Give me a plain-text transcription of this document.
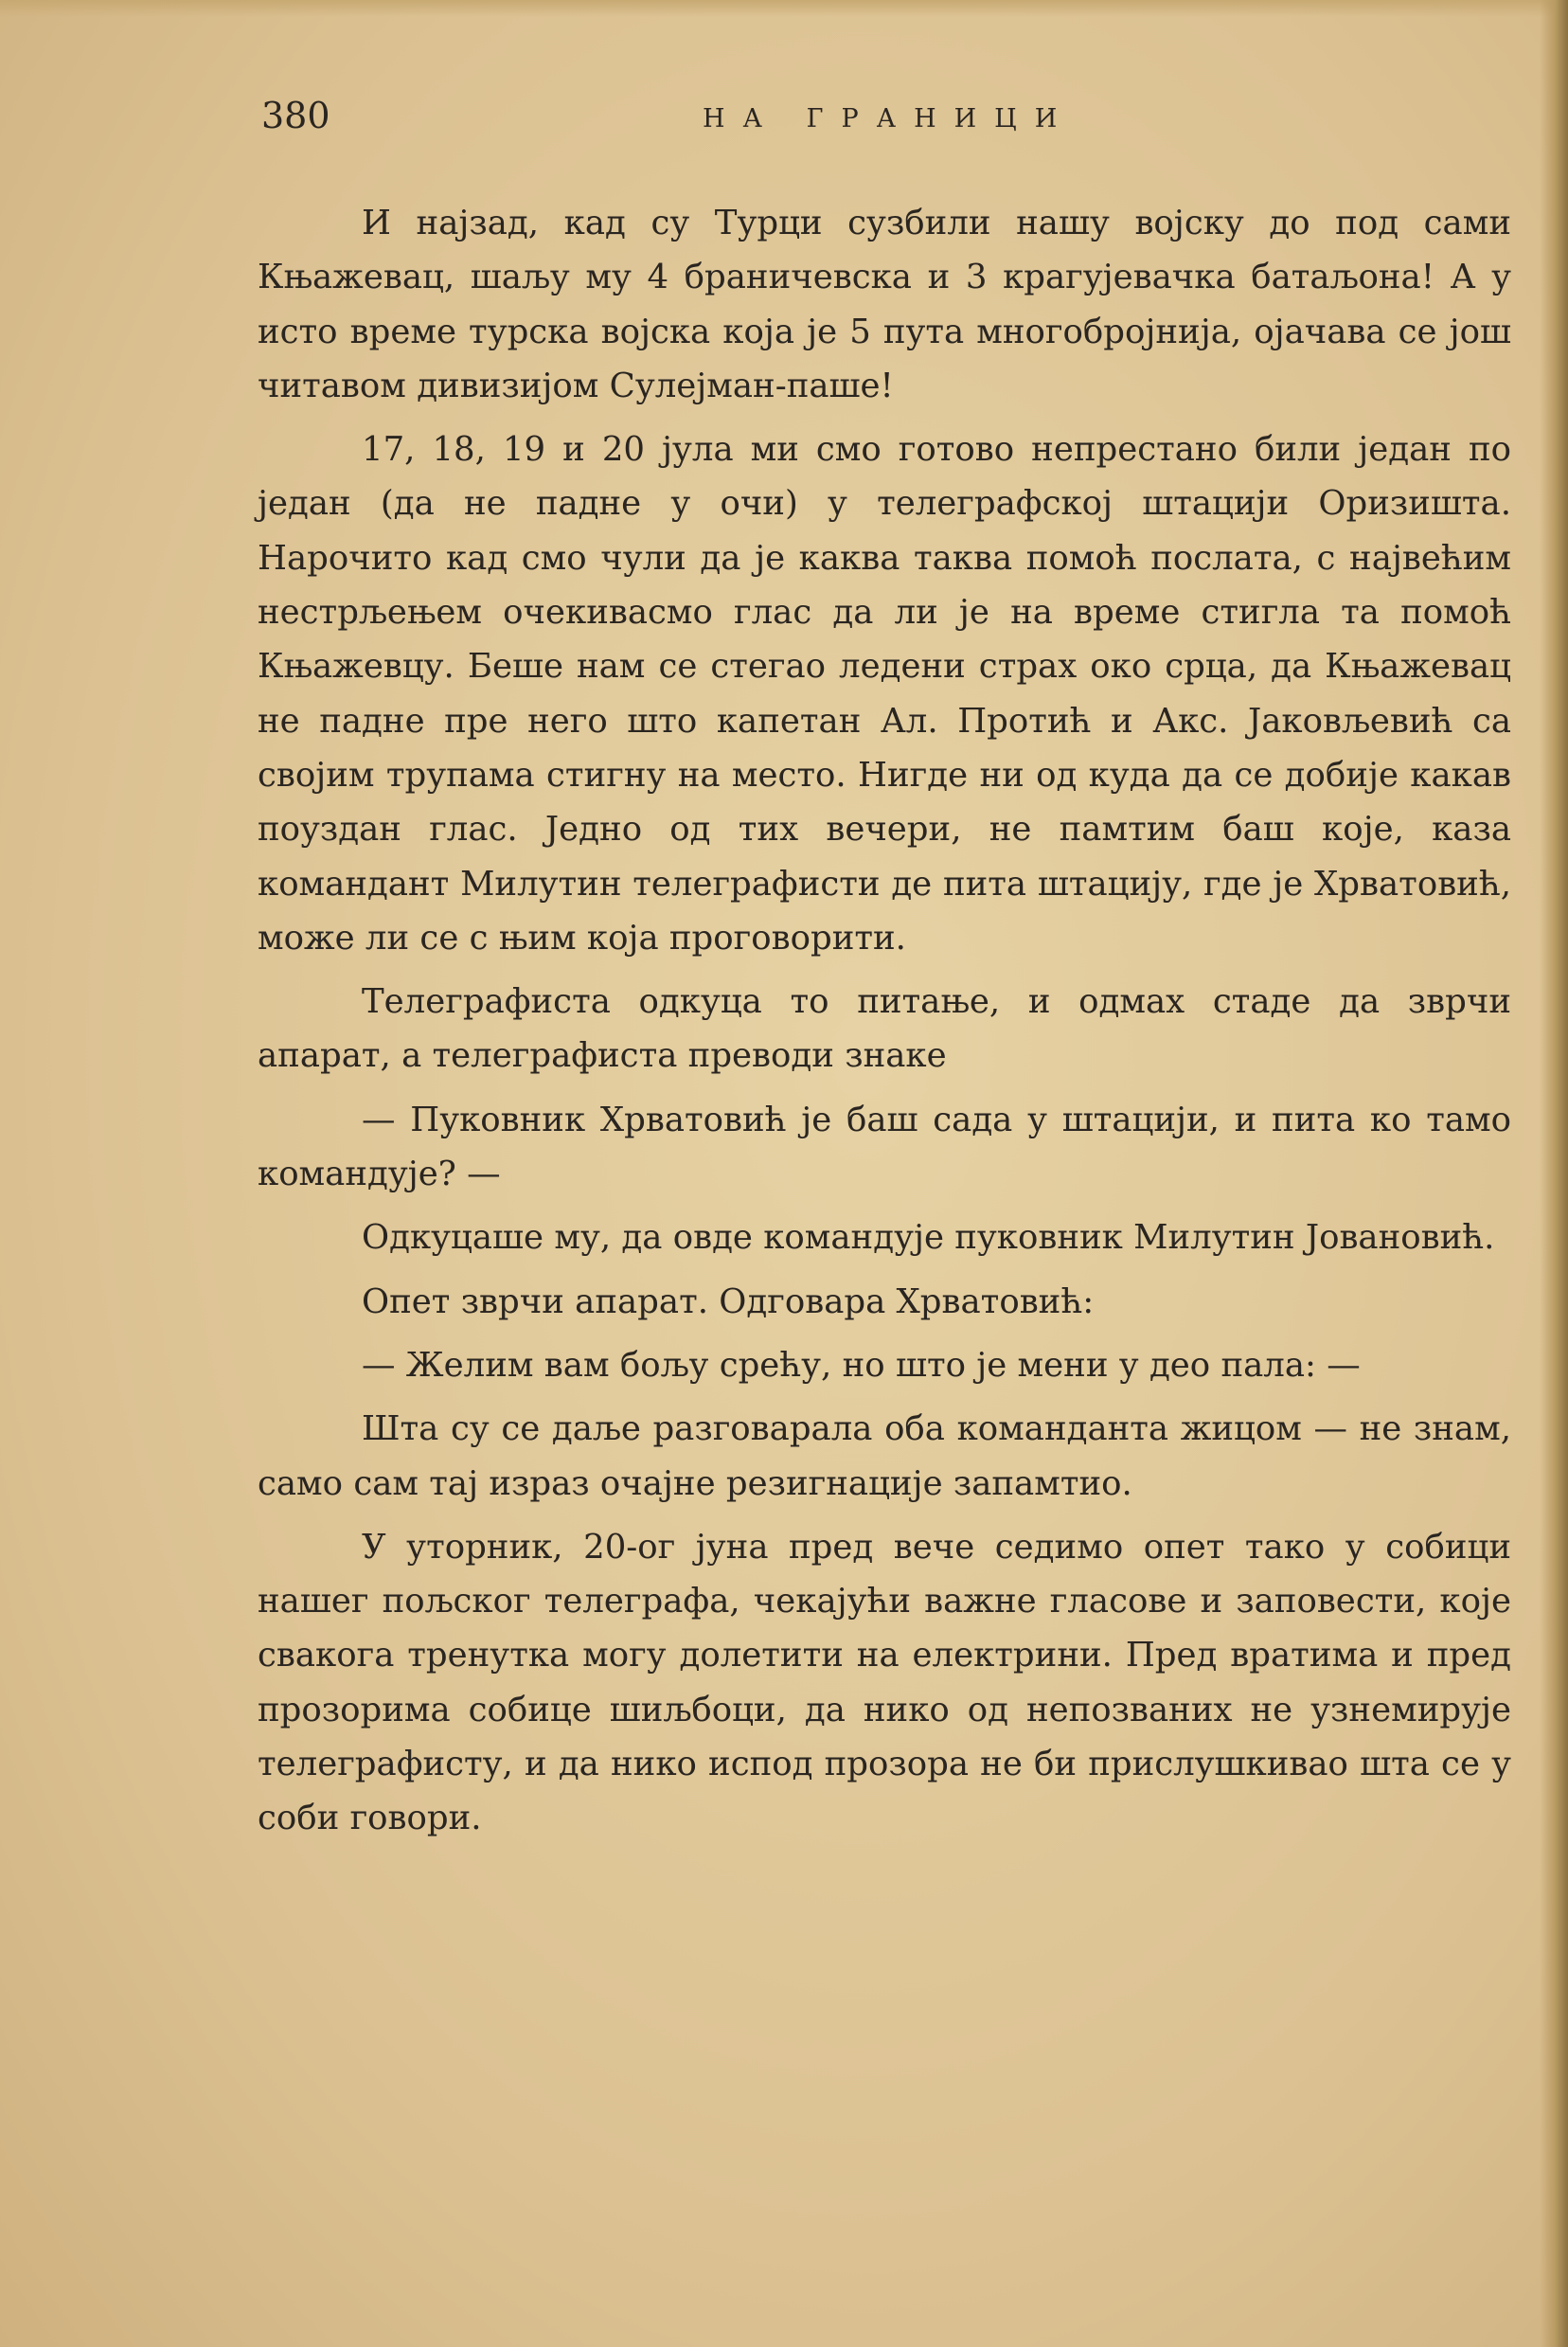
380	НА ГРАНИЦИ

И најзад, кад су Турци сузбили нашу војску до под сами Књажевац, шаљу му 4 браничевска и 3 крагујевачка батаљона! А у исто време турска војска која је 5 пута многобројнија, ојачава се још читавом дивизијом Сулејман-паше!

17, 18, 19 и 20 јула ми смо готово непрестано били један по један (да не падне у очи) у телеграфској штацији Оризишта. Нарочито кад смо чули да је каква таква помоћ послата, с највећим нестрљењем очекивасмо глас да ли је на време стигла та помоћ Књажевцу. Беше нам се стегао ледени страх око срца, да Књажевац не падне пре него што капетан Ал. Протић и Акс. Јаковљевић са својим трупама стигну на место. Нигде ни од куда да се добије какав поуздан глас. Једно од тих вечери, не памтим баш које, каза командант Милутин телеграфисти де пита штацију, где је Хрватовић, може ли се с њим која проговорити.

Телеграфиста одкуца то питање, и одмах стаде да зврчи апарат, а телеграфиста преводи знаке

— Пуковник Хрватовић је баш сада у штацији, и пита ко тамо командује? —

Одкуцаше му, да овде командује пуковник Милутин Јовановић.

Опет зврчи апарат. Одговара Хрватовић:

— Желим вам бољу срећу, но што је мени у део пала: —

Шта су се даље разговарала оба команданта жицом — не знам, само сам тај израз очајне резигнације запамтио.

У уторник, 20-ог јуна пред вече седимо опет тако у собици нашег пољског телеграфа, чекајући важне гласове и заповести, које свакога тренутка могу долетити на електрини. Пред вратима и пред прозорима собице шиљбоци, да нико од непозваних не узнемирује телеграфисту, и да нико испод прозора не би прислушкивао шта се у соби говори.
